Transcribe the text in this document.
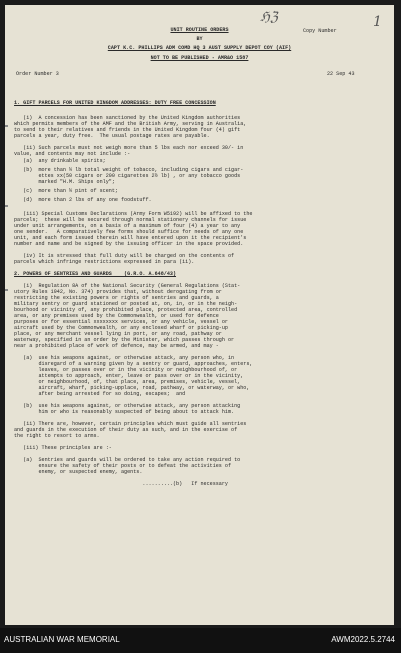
UNIT ROUTINE ORDERS
BY
CAPT K.C. PHILLIPS ADM COMD HQ 3 AUST SUPPLY DEPOT COY (AIF)
NOT TO BE PUBLISHED - AMR&O 1587
Copy Number
1
ℌℨ
Order Number 3	22 Sep 43
1. GIFT PARCELS FOR UNITED KINGDOM ADDRESSES: DUTY FREE CONCESSION
(i)  A concession has been sanctioned by the United Kingdom authorities
which permits members of the AMF and the British Army, serving in Australia,
to send to their relatives and friends in the United Kingdom four (4) gift
parcels a year, duty free.  The usual postage rates are payable.
(ii) Such parcels must not weigh more than 5 lbs each nor exceed 30/- in
value, and contents may not include :-
(a)  any drinkable spirits;
(b)  more than ½ lb total weight of tobacco, including cigars and cigar-
ettes xx(50 cigars or 200 cigarettes 2½ lb) , or any tobacco goods
marked "H.M. Ships only";
(c)  more than ½ pint of scent;
(d)  more than 2 lbs of any one foodstuff.
(iii) Special Customs Declarations (Army Form W5192) will be affixed to the
parcels;  these will be secured through normal stationery channels for issue
under unit arrangements, on a basis of a maximum of four (4) a year to any
one sender.   A comparatively few forms should suffice for needs of any one
unit, and each form issued therein will have entered upon it the recipient's
number and name and be signed by the issuing officer in the space provided.
(iv) It is stressed that full duty will be charged on the contents of
parcels which infringe restrictions expressed in para (ii).
2. POWERS OF SENTRIES AND GUARDS    (G.R.O. A.648/43)
(i)  Regulation 8A of the National Security (General Regulations (Stat-
utory Rules 1942, No. 374) provides that, without derogating from or
restricting the existing powers or rights of sentries and guards, a
military sentry or guard stationed or posted at, on, in, or in the neigh-
bourhood or vicinity of, any prohibited place, protected area, controlled
area, or any premises used by the Commonwealth, or used for defence
purposes or for essential xxxxxxxx services, or any vehicle, vessel or
aircraft used by the Commonwealth, or any enclosed wharf or picking-up
place, or any merchant vessel lying in port, or any road, pathway or
waterway, specified in an order by the Minister, which passes through or
near a prohibited place of work of defence, may be armed, and may -
(a)  use his weapons against, or otherwise attack, any person who, in
disregard of a warning given by a sentry or guard, approaches, enters,
leaves, or passes over or in the vicinity or neighbourhood of, or
attempts to approach, enter, leave or pass over or in the vicinity,
or neighbourhood, of, that place, area, premises, vehicle, vessel,
aircraft, wharf, picking-upplace, road, pathway, or waterway, or who,
after being arrested for so doing, escapes;  and
(b)  use his weapons against, or otherwise attack, any person attacking
him or who is reasonably suspected of being about to attack him.
(ii) There are, however, certain principles which must guide all sentries
and guards in the execution of their duty as such, and in the exercise of
the right to resort to arms.
(iii) These principles are :-
(a)  Sentries and guards will be ordered to take any action required to
ensure the safety of their posts or to defeat the activities of
enemy, or suspected enemy, agents.
..........(b)   If necessary
AUSTRALIAN WAR MEMORIAL	AWM2022.5.2744
